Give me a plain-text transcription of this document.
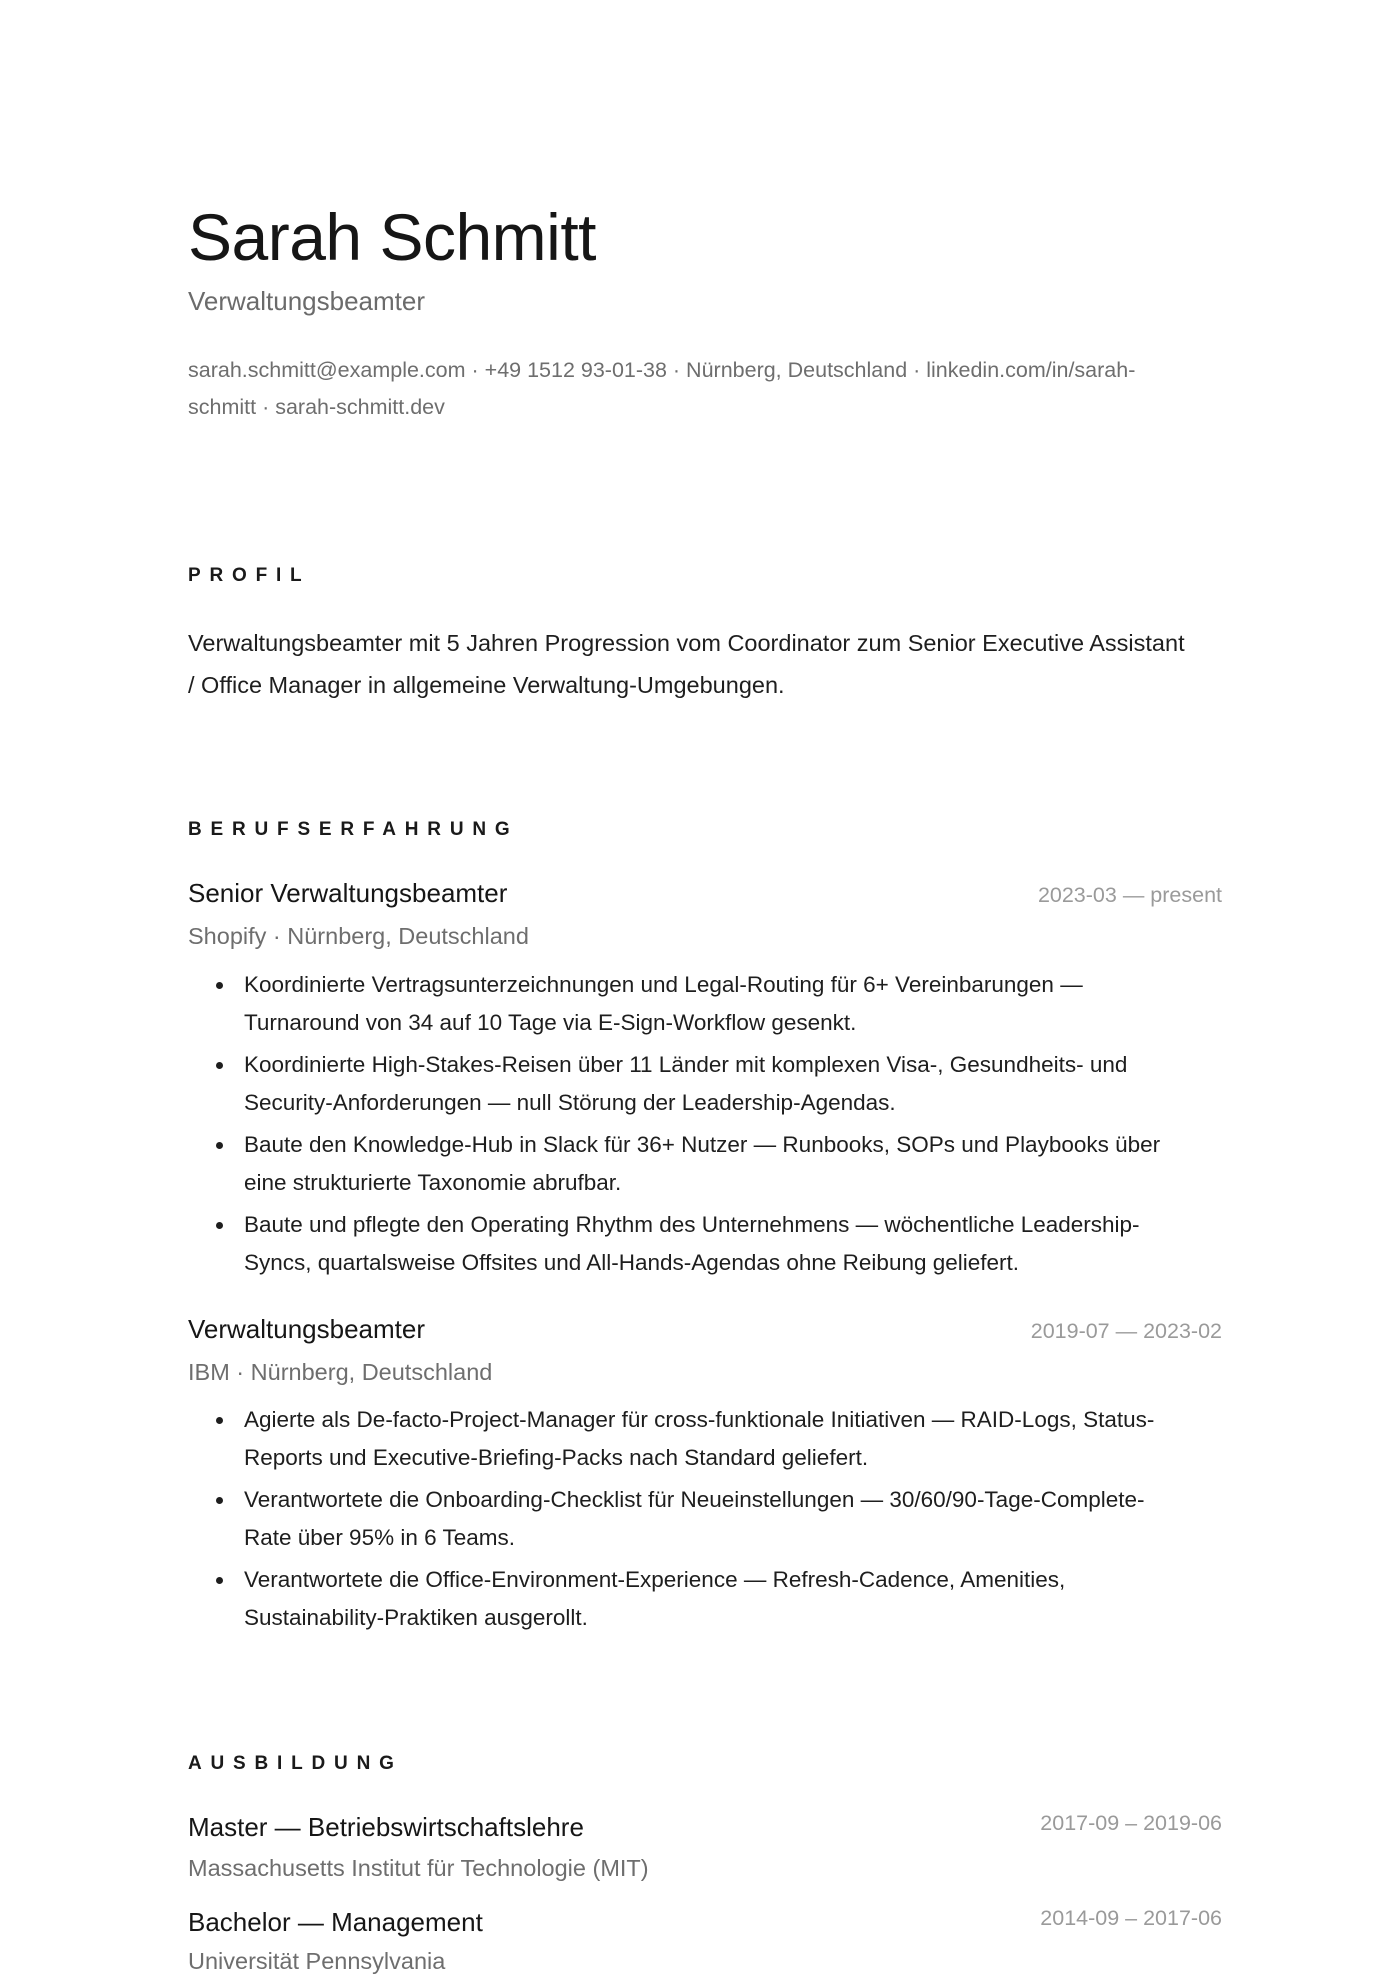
Sarah Schmitt
Verwaltungsbeamter
sarah.schmitt@example.com · +49 1512 93-01-38 · Nürnberg, Deutschland · linkedin.com/in/sarah-schmitt · sarah-schmitt.dev
PROFIL
Verwaltungsbeamter mit 5 Jahren Progression vom Coordinator zum Senior Executive Assistant / Office Manager in allgemeine Verwaltung-Umgebungen.
BERUFSERFAHRUNG
Senior Verwaltungsbeamter	2023-03 — present
Shopify · Nürnberg, Deutschland
Koordinierte Vertragsunterzeichnungen und Legal-Routing für 6+ Vereinbarungen — Turnaround von 34 auf 10 Tage via E-Sign-Workflow gesenkt.
Koordinierte High-Stakes-Reisen über 11 Länder mit komplexen Visa-, Gesundheits- und Security-Anforderungen — null Störung der Leadership-Agendas.
Baute den Knowledge-Hub in Slack für 36+ Nutzer — Runbooks, SOPs und Playbooks über eine strukturierte Taxonomie abrufbar.
Baute und pflegte den Operating Rhythm des Unternehmens — wöchentliche Leadership-Syncs, quartalsweise Offsites und All-Hands-Agendas ohne Reibung geliefert.
Verwaltungsbeamter	2019-07 — 2023-02
IBM · Nürnberg, Deutschland
Agierte als De-facto-Project-Manager für cross-funktionale Initiativen — RAID-Logs, Status-Reports und Executive-Briefing-Packs nach Standard geliefert.
Verantwortete die Onboarding-Checklist für Neueinstellungen — 30/60/90-Tage-Complete-Rate über 95% in 6 Teams.
Verantwortete die Office-Environment-Experience — Refresh-Cadence, Amenities, Sustainability-Praktiken ausgerollt.
AUSBILDUNG
Master — Betriebswirtschaftslehre	2017-09 – 2019-06
Massachusetts Institut für Technologie (MIT)
Bachelor — Management	2014-09 – 2017-06
Universität Pennsylvania
